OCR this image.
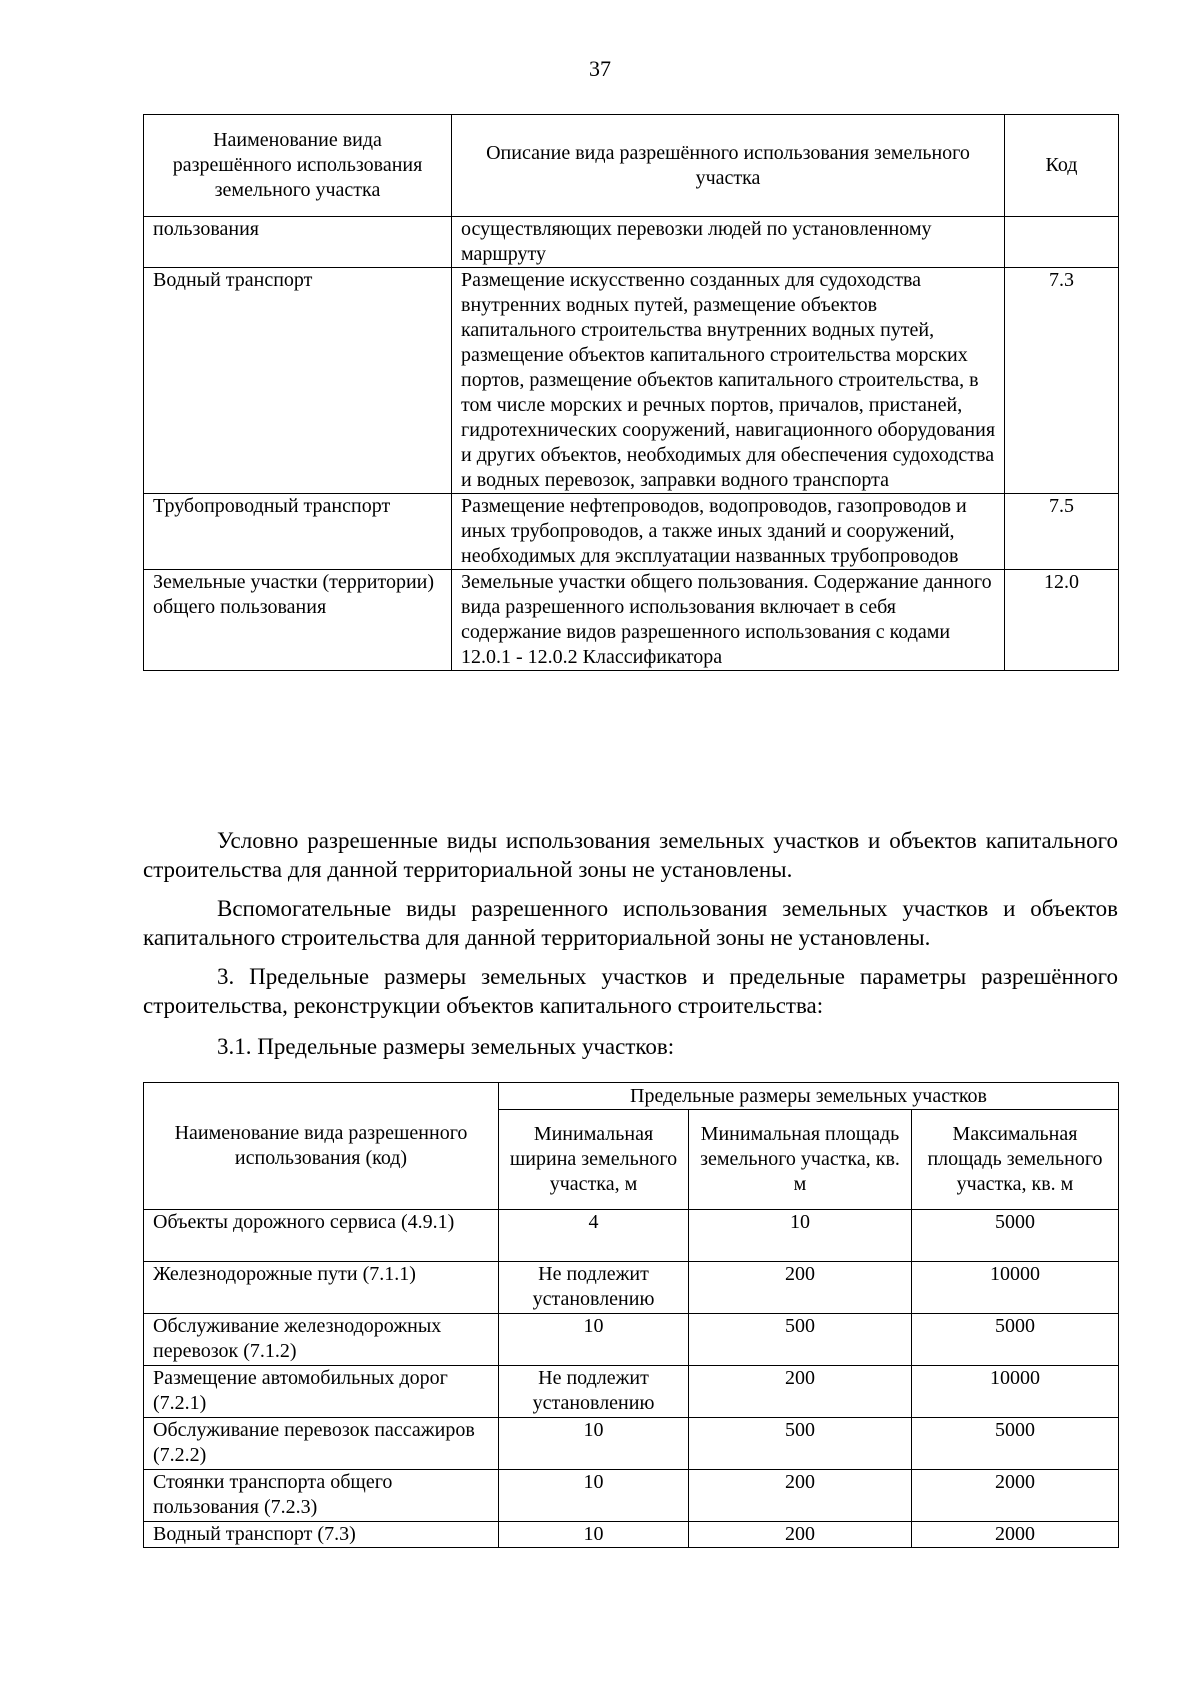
37
Наименование вида разрешённого использования земельного участка	Описание вида разрешённого использования земельного участка	Код
пользования	осуществляющих перевозки людей по установленному маршруту	
Водный транспорт	Размещение искусственно созданных для судоходства внутренних водных путей, размещение объектов капитального строительства внутренних водных путей, размещение объектов капитального строительства морских портов, размещение объектов капитального строительства, в том числе морских и речных портов, причалов, пристаней, гидротехнических сооружений, навигационного оборудования и других объектов, необходимых для обеспечения судоходства и водных перевозок, заправки водного транспорта	7.3
Трубопроводный транспорт	Размещение нефтепроводов, водопроводов, газопроводов и иных трубопроводов, а также иных зданий и сооружений, необходимых для эксплуатации названных трубопроводов	7.5
Земельные участки (территории) общего пользования	Земельные участки общего пользования. Содержание данного вида разрешенного использования включает в себя содержание видов разрешенного использования с кодами 12.0.1 - 12.0.2 Классификатора	12.0

Условно разрешенные виды использования земельных участков и объектов капитального строительства для данной территориальной зоны не установлены.

Вспомогательные виды разрешенного использования земельных участков и объектов капитального строительства для данной территориальной зоны не установлены.

3. Предельные размеры земельных участков и предельные параметры разрешённого строительства, реконструкции объектов капитального строительства:

3.1. Предельные размеры земельных участков:

Наименование вида разрешенного использования (код)	Предельные размеры земельных участков		
	Минимальная ширина земельного участка, м	Минимальная площадь земельного участка, кв. м	Максимальная площадь земельного участка, кв. м
Объекты дорожного сервиса (4.9.1)	4	10	5000
Железнодорожные пути (7.1.1)	Не подлежит установлению	200	10000
Обслуживание железнодорожных перевозок (7.1.2)	10	500	5000
Размещение автомобильных дорог (7.2.1)	Не подлежит установлению	200	10000
Обслуживание перевозок пассажиров (7.2.2)	10	500	5000
Стоянки транспорта общего пользования (7.2.3)	10	200	2000
Водный транспорт (7.3)	10	200	2000
